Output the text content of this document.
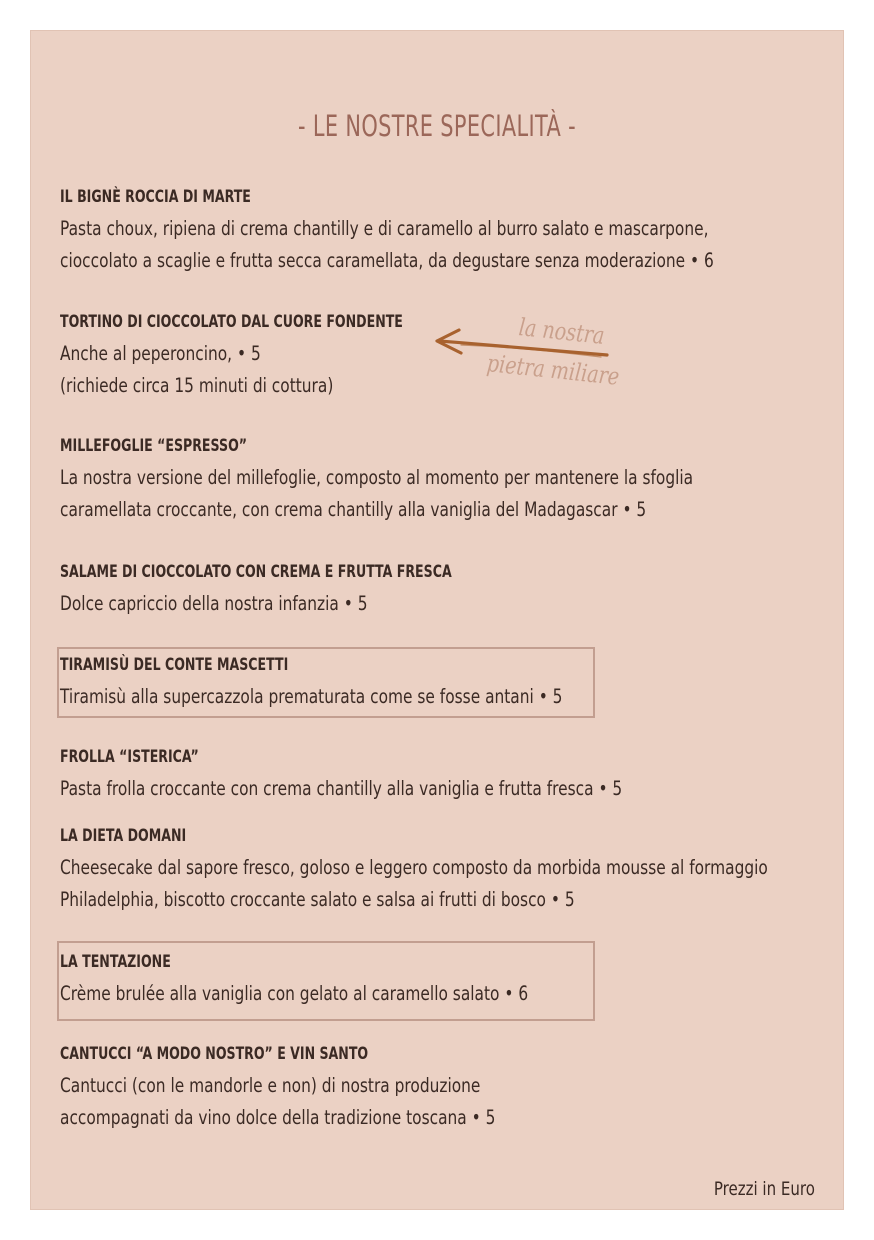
- LE NOSTRE SPECIALITÀ -
IL BIGNÈ ROCCIA DI MARTE
Pasta choux, ripiena di crema chantilly e di caramello al burro salato e mascarpone,
cioccolato a scaglie e frutta secca caramellata, da degustare senza moderazione • 6
TORTINO DI CIOCCOLATO DAL CUORE FONDENTE
Anche al peperoncino, • 5
(richiede circa 15 minuti di cottura)
la nostra
pietra miliare
MILLEFOGLIE “ESPRESSO”
La nostra versione del millefoglie, composto al momento per mantenere la sfoglia
caramellata croccante, con crema chantilly alla vaniglia del Madagascar • 5
SALAME DI CIOCCOLATO CON CREMA E FRUTTA FRESCA
Dolce capriccio della nostra infanzia • 5
TIRAMISÙ DEL CONTE MASCETTI
Tiramisù alla supercazzola prematurata come se fosse antani • 5
FROLLA “ISTERICA”
Pasta frolla croccante con crema chantilly alla vaniglia e frutta fresca • 5
LA DIETA DOMANI
Cheesecake dal sapore fresco, goloso e leggero composto da morbida mousse al formaggio
Philadelphia, biscotto croccante salato e salsa ai frutti di bosco • 5
LA TENTAZIONE
Crème brulée alla vaniglia con gelato al caramello salato • 6
CANTUCCI “A MODO NOSTRO” E VIN SANTO
Cantucci (con le mandorle e non) di nostra produzione
accompagnati da vino dolce della tradizione toscana • 5
Prezzi in Euro
